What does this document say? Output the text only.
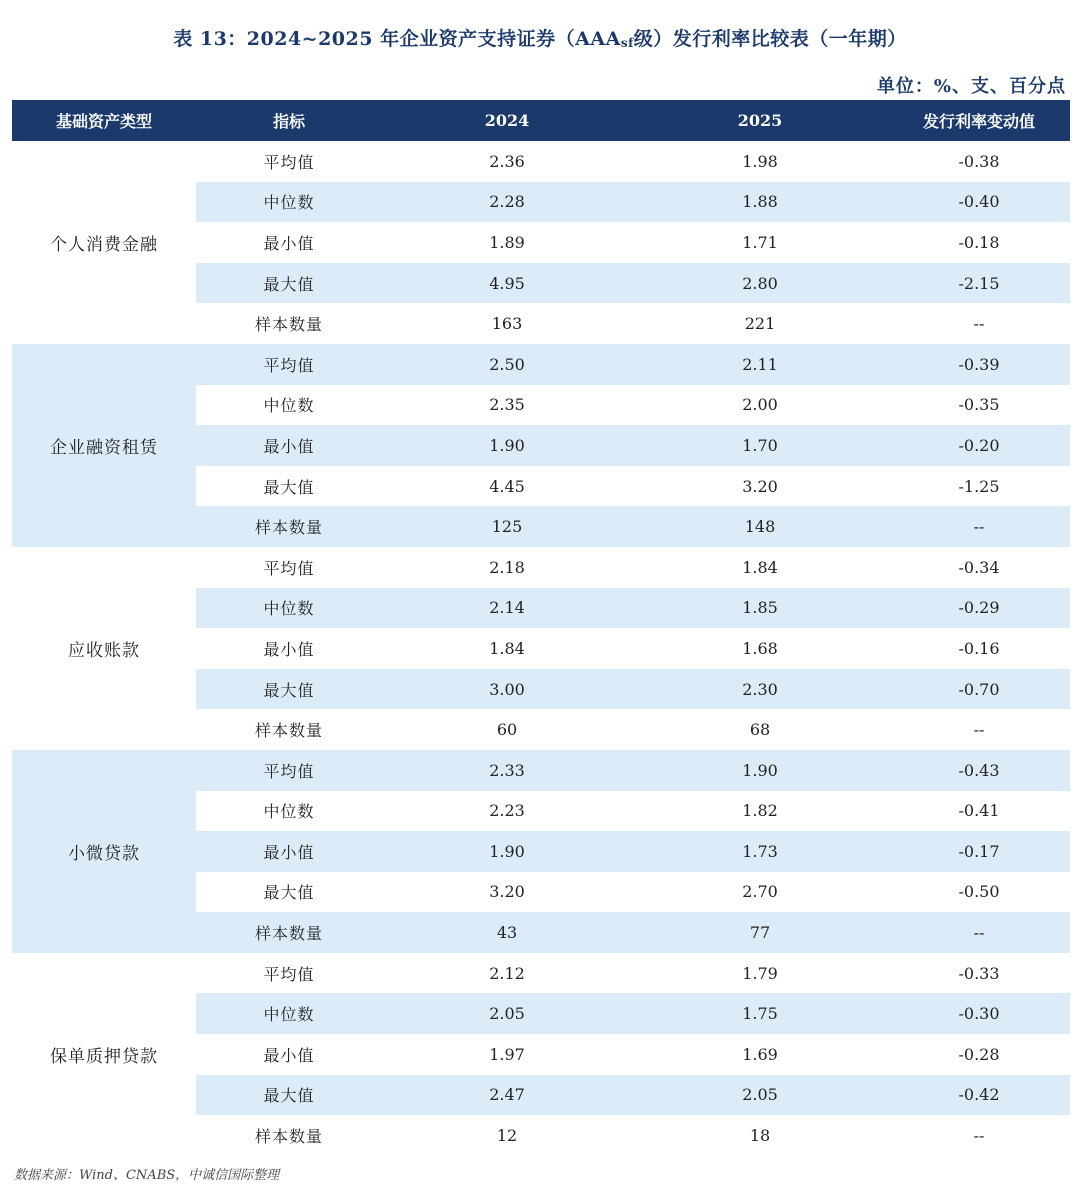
表 13：2024~2025 年企业资产支持证券（$AAA_{sf}$级）发行利率比较表（一年期）
单位：%、支、百分点
基础资产类型	指标	2024	2025	发行利率变动值
个人消费金融	平均值	2.36	1.98	-0.38
	中位数	2.28	1.88	-0.40
	最小值	1.89	1.71	-0.18
	最大值	4.95	2.80	-2.15
	样本数量	163	221	--
企业融资租赁	平均值	2.50	2.11	-0.39
	中位数	2.35	2.00	-0.35
	最小值	1.90	1.70	-0.20
	最大值	4.45	3.20	-1.25
	样本数量	125	148	--
应收账款	平均值	2.18	1.84	-0.34
	中位数	2.14	1.85	-0.29
	最小值	1.84	1.68	-0.16
	最大值	3.00	2.30	-0.70
	样本数量	60	68	--
小微贷款	平均值	2.33	1.90	-0.43
	中位数	2.23	1.82	-0.41
	最小值	1.90	1.73	-0.17
	最大值	3.20	2.70	-0.50
	样本数量	43	77	--
保单质押贷款	平均值	2.12	1.79	-0.33
	中位数	2.05	1.75	-0.30
	最小值	1.97	1.69	-0.28
	最大值	2.47	2.05	-0.42
	样本数量	12	18	--
数据来源：Wind、CNABS，中诚信国际整理
